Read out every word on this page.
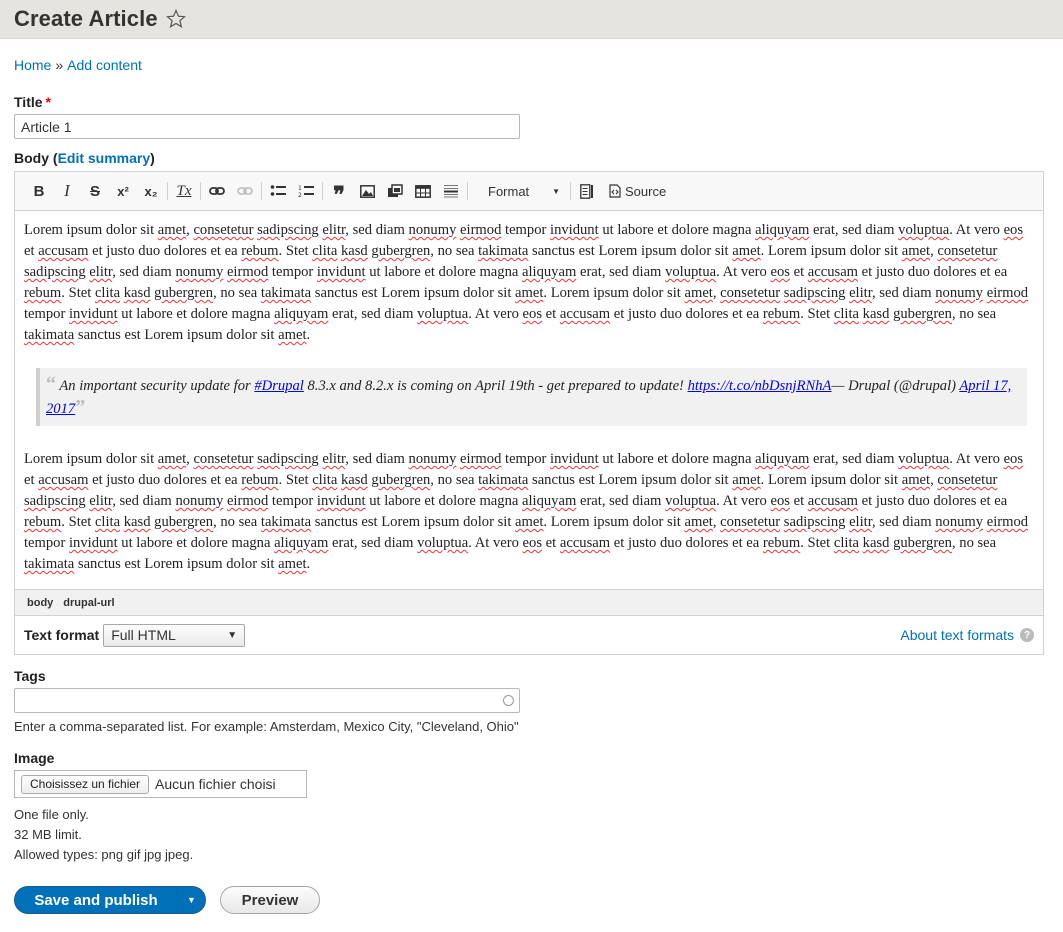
Create Article
Home » Add content
Title *
Article 1
Body (Edit summary)
B I S x² x₂ Tx	1
2 ❞	Format	▼	Source

Lorem ipsum dolor sit amet, consetetur sadipscing elitr, sed diam nonumy eirmod tempor invidunt ut labore et dolore magna aliquyam erat, sed diam voluptua. At vero eos et accusam et justo duo dolores et ea rebum. Stet clita kasd gubergren, no sea takimata sanctus est Lorem ipsum dolor sit amet. Lorem ipsum dolor sit amet, consetetur sadipscing elitr, sed diam nonumy eirmod tempor invidunt ut labore et dolore magna aliquyam erat, sed diam voluptua. At vero eos et accusam et justo duo dolores et ea rebum. Stet clita kasd gubergren, no sea takimata sanctus est Lorem ipsum dolor sit amet. Lorem ipsum dolor sit amet, consetetur sadipscing elitr, sed diam nonumy eirmod tempor invidunt ut labore et dolore magna aliquyam erat, sed diam voluptua. At vero eos et accusam et justo duo dolores et ea rebum. Stet clita kasd gubergren, no sea takimata sanctus est Lorem ipsum dolor sit amet.

“ An important security update for #Drupal 8.3.x and 8.2.x is coming on April 19th - get prepared to update! https://t.co/nbDsnjRNhA— Drupal (@drupal) April 17, 2017”

Lorem ipsum dolor sit amet, consetetur sadipscing elitr, sed diam nonumy eirmod tempor invidunt ut labore et dolore magna aliquyam erat, sed diam voluptua. At vero eos et accusam et justo duo dolores et ea rebum. Stet clita kasd gubergren, no sea takimata sanctus est Lorem ipsum dolor sit amet. Lorem ipsum dolor sit amet, consetetur sadipscing elitr, sed diam nonumy eirmod tempor invidunt ut labore et dolore magna aliquyam erat, sed diam voluptua. At vero eos et accusam et justo duo dolores et ea rebum. Stet clita kasd gubergren, no sea takimata sanctus est Lorem ipsum dolor sit amet. Lorem ipsum dolor sit amet, consetetur sadipscing elitr, sed diam nonumy eirmod tempor invidunt ut labore et dolore magna aliquyam erat, sed diam voluptua. At vero eos et accusam et justo duo dolores et ea rebum. Stet clita kasd gubergren, no sea takimata sanctus est Lorem ipsum dolor sit amet.

body drupal-url
Text format Full HTML	▼	About text formats ?
Tags
Enter a comma-separated list. For example: Amsterdam, Mexico City, "Cleveland, Ohio"
Image
Choisissez un fichier	Aucun fichier choisi
One file only.
32 MB limit.
Allowed types: png gif jpg jpeg.
Save and publish	▼	Preview
